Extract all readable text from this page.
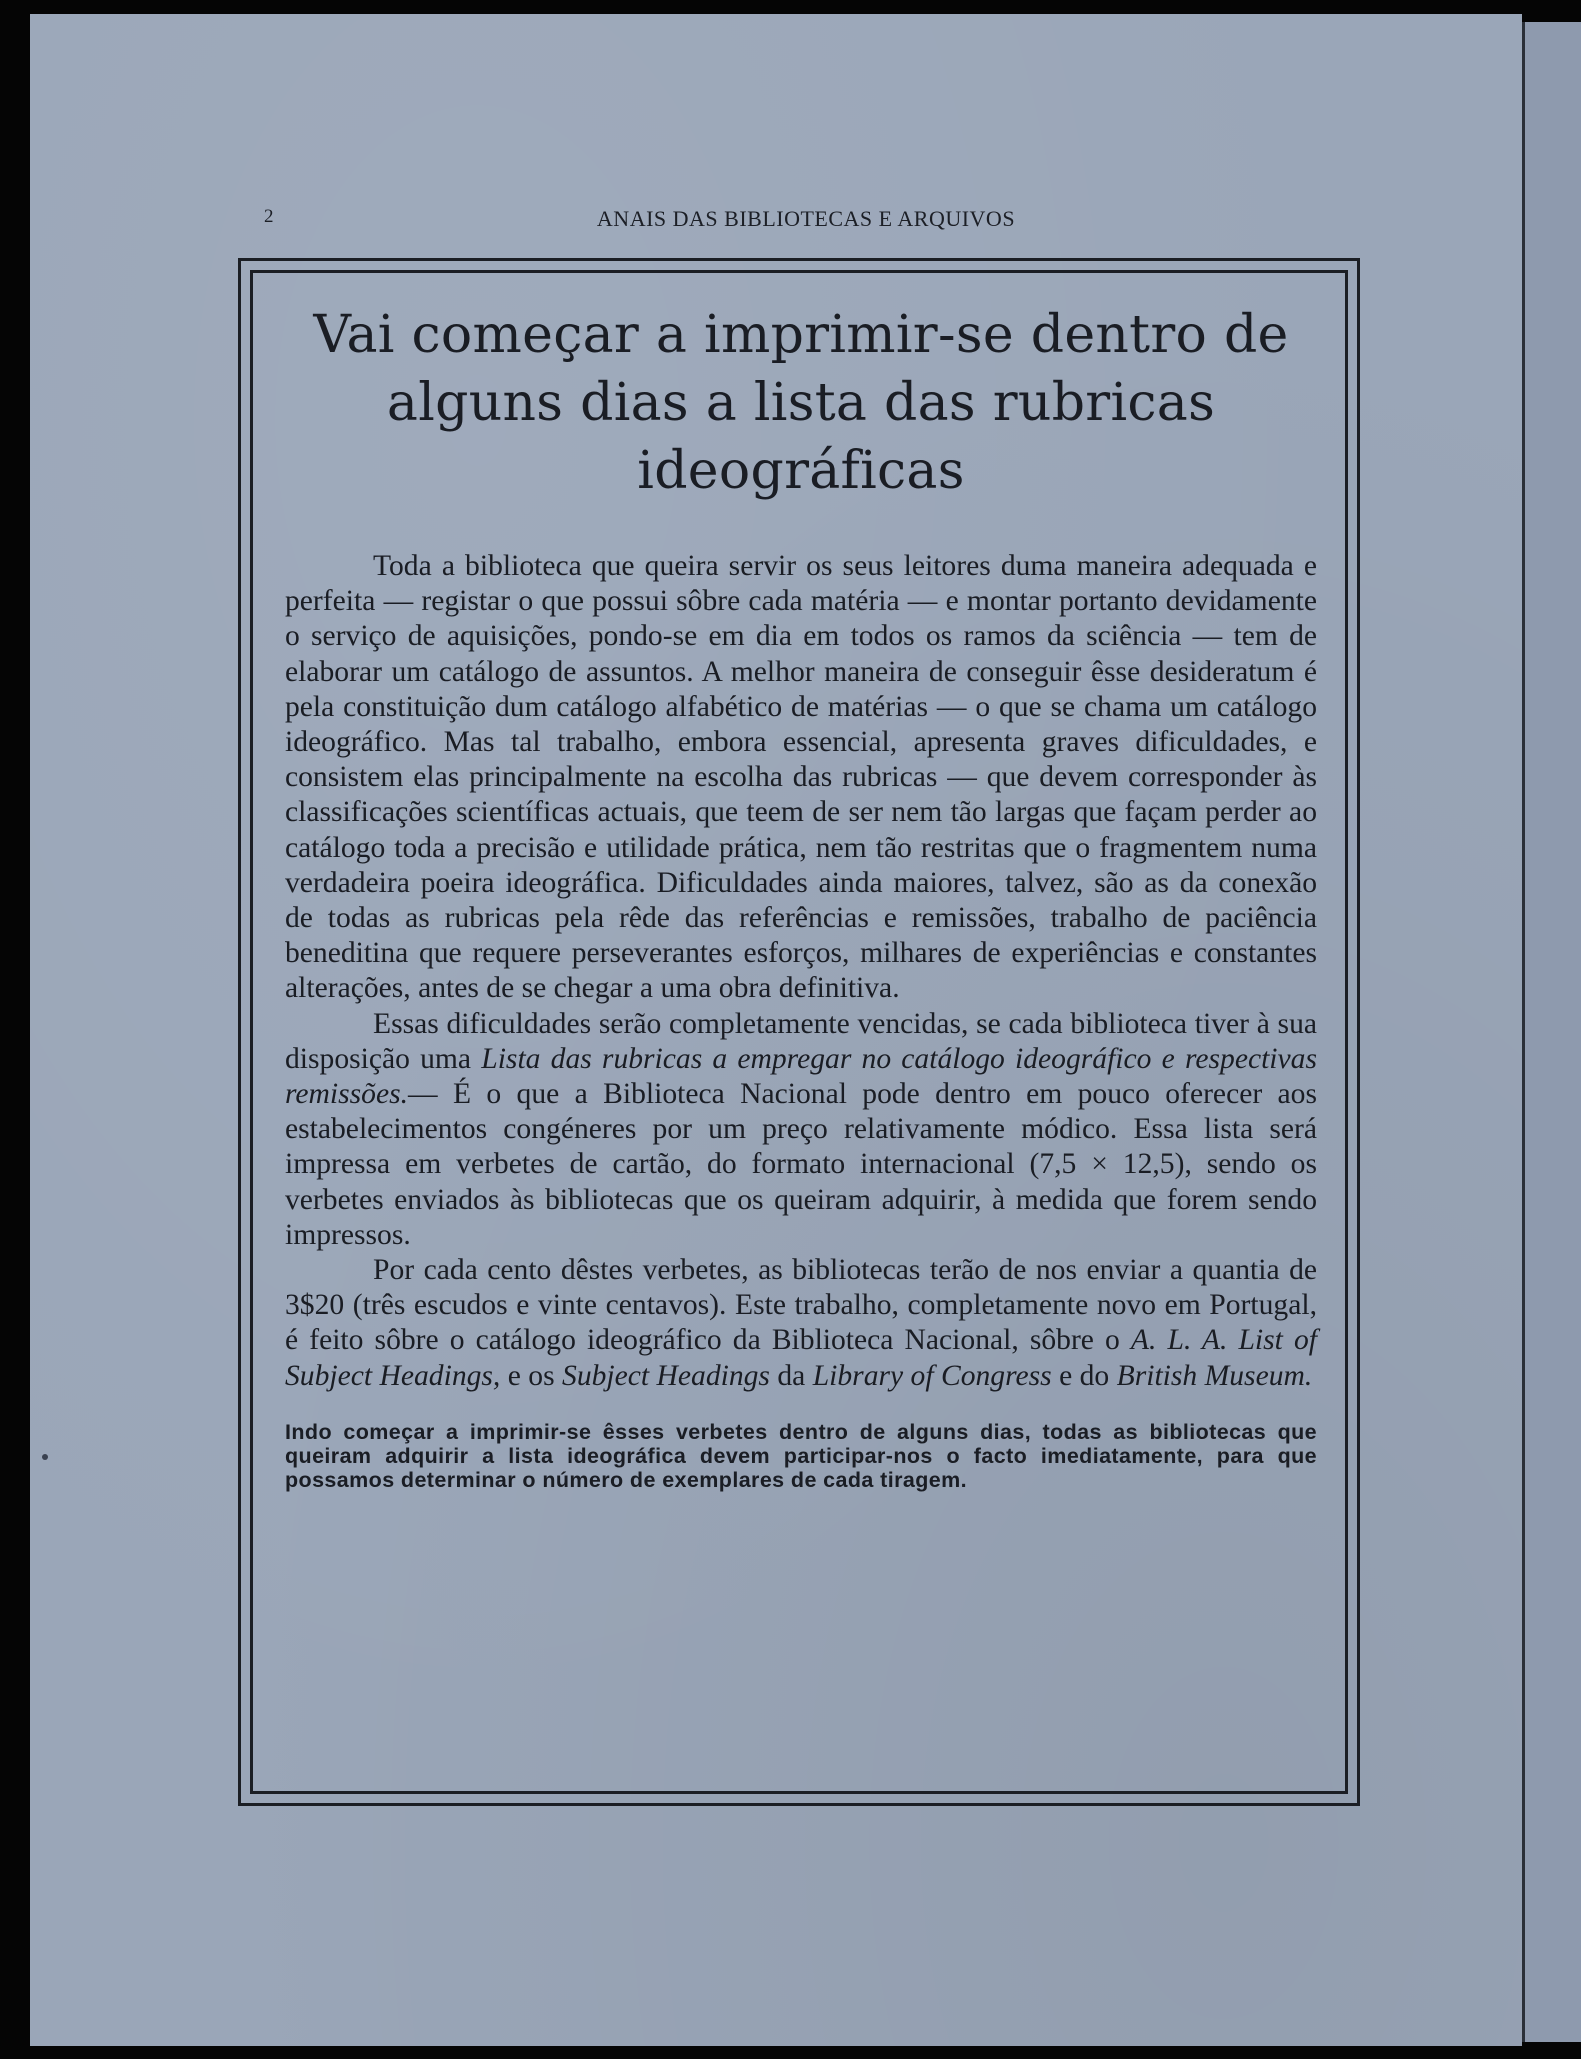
2	ANAIS DAS BIBLIOTECAS E ARQUIVOS
Vai começar a imprimir-se dentro de alguns dias a lista das rubricas ideográficas

Toda a biblioteca que queira servir os seus leitores duma maneira adequada e perfeita — registar o que possui sôbre cada matéria — e montar portanto devidamente o serviço de aquisições, pondo-se em dia em todos os ramos da sciência — tem de elaborar um catálogo de assuntos. A melhor maneira de conseguir êsse desideratum é pela constituição dum catálogo alfabético de matérias — o que se chama um catálogo ideográfico. Mas tal trabalho, embora essencial, apresenta graves dificuldades, e consistem elas principalmente na escolha das rubricas — que devem corresponder às classificações scientíficas actuais, que teem de ser nem tão largas que façam perder ao catálogo toda a precisão e utilidade prática, nem tão restritas que o fragmentem numa verdadeira poeira ideográfica. Dificuldades ainda maiores, talvez, são as da conexão de todas as rubricas pela rêde das referências e remissões, trabalho de paciência beneditina que requere perseverantes esforços, milhares de experiências e constantes alterações, antes de se chegar a uma obra definitiva.

Essas dificuldades serão completamente vencidas, se cada biblioteca tiver à sua disposição uma Lista das rubricas a empregar no catálogo ideográfico e respectivas remissões.— É o que a Biblioteca Nacional pode dentro em pouco oferecer aos estabelecimentos congéneres por um preço relativamente módico. Essa lista será impressa em verbetes de cartão, do formato internacional (7,5 × 12,5), sendo os verbetes enviados às bibliotecas que os queiram adquirir, à medida que forem sendo impressos.

Por cada cento dêstes verbetes, as bibliotecas terão de nos enviar a quantia de 3$20 (três escudos e vinte centavos). Este trabalho, completamente novo em Portugal, é feito sôbre o catálogo ideográfico da Biblioteca Nacional, sôbre o A. L. A. List of Subject Headings, e os Subject Headings da Library of Congress e do British Museum.

Indo começar a imprimir-se êsses verbetes dentro de alguns dias, todas as bibliotecas que queiram adquirir a lista ideográfica devem participar-nos o facto imediatamente, para que possamos determinar o número de exemplares de cada tiragem.
